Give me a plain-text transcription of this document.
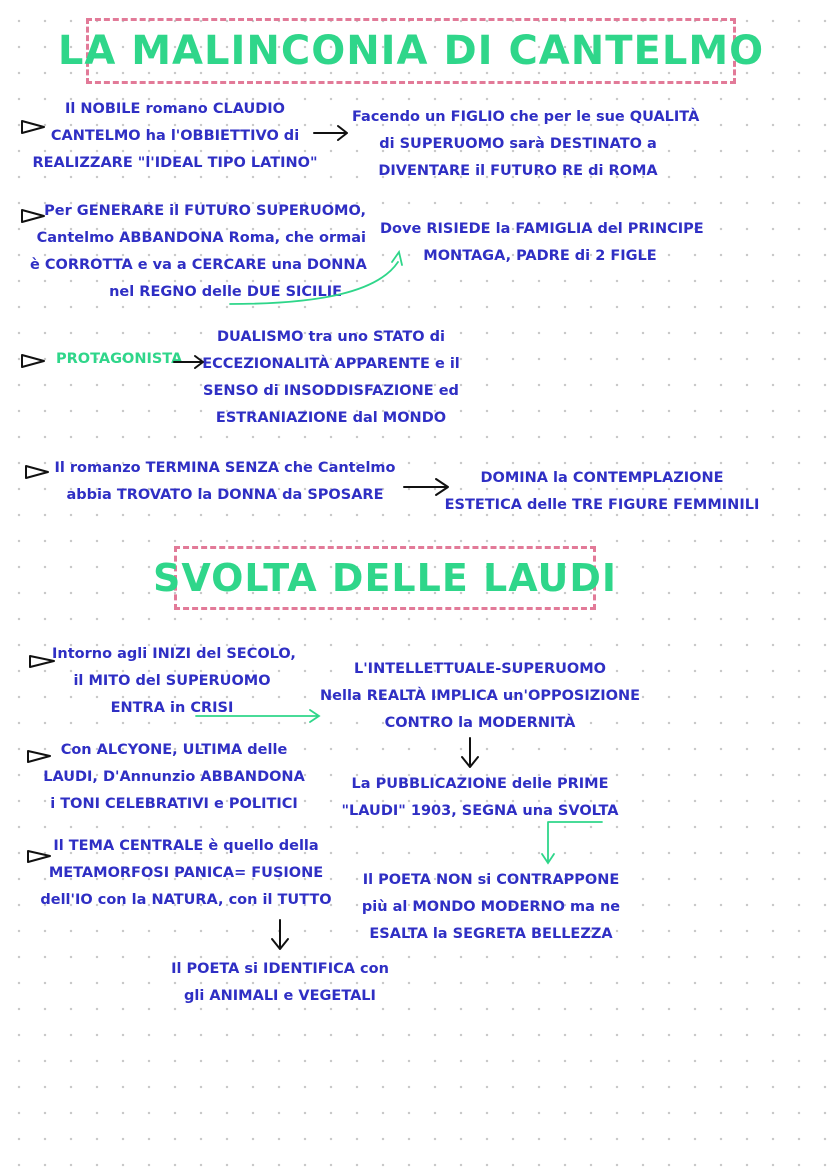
LA MALINCONIA DI CANTELMO
Il NOBILE romano CLAUDIO
CANTELMO ha l'OBBIETTIVO di
REALIZZARE "l'IDEAL TIPO LATINO"
Facendo un FIGLIO che per le sue QUALITÀ
di SUPERUOMO sarà DESTINATO a
DIVENTARE il FUTURO RE di ROMA
Per GENERARE il FUTURO SUPERUOMO,
Cantelmo ABBANDONA Roma, che ormai
è CORROTTA e va a CERCARE una DONNA
nel REGNO delle DUE SICILIE
Dove RISIEDE la FAMIGLIA del PRINCIPE
MONTAGA, PADRE di 2 FIGLE
PROTAGONISTA
DUALISMO tra uno STATO di
ECCEZIONALITÀ APPARENTE e il
SENSO di INSODDISFAZIONE ed
ESTRANIAZIONE dal MONDO
Il romanzo TERMINA SENZA che Cantelmo
abbia TROVATO la DONNA da SPOSARE
DOMINA la CONTEMPLAZIONE
ESTETICA delle TRE FIGURE FEMMINILI
SVOLTA DELLE LAUDI
Intorno agli INIZI del SECOLO,
il MITO del SUPERUOMO
ENTRA in CRISI
L'INTELLETTUALE-SUPERUOMO
Nella REALTÀ IMPLICA un'OPPOSIZIONE
CONTRO la MODERNITÀ
Con ALCYONE, ULTIMA delle
LAUDI, D'Annunzio ABBANDONA
i TONI CELEBRATIVI e POLITICI
La PUBBLICAZIONE delle PRIME
"LAUDI" 1903, SEGNA una SVOLTA
Il TEMA CENTRALE è quello della
METAMORFOSI PANICA= FUSIONE
dell'IO con la NATURA, con il TUTTO
Il POETA NON si CONTRAPPONE
più al MONDO MODERNO ma ne
ESALTA la SEGRETA BELLEZZA
Il POETA si IDENTIFICA con
gli ANIMALI e VEGETALI
